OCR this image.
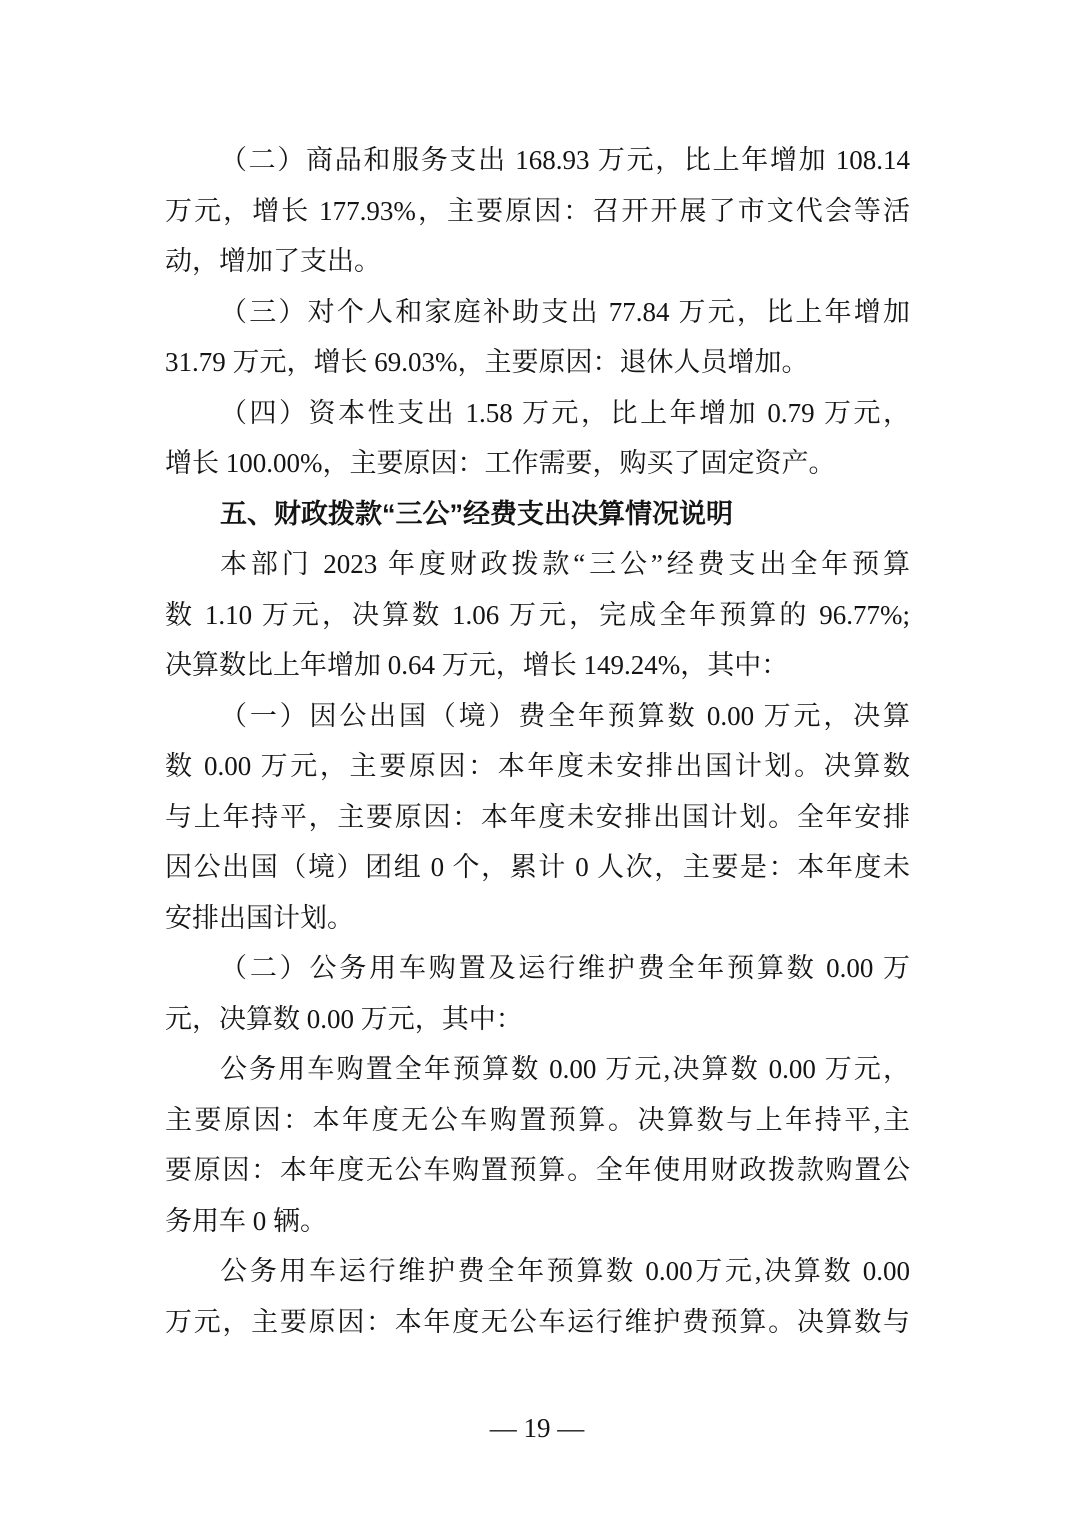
（二）商品和服务支出 168.93 万元，比上年增加 108.14
万元，增长 177.93%，主要原因：召开开展了市文代会等活
动，增加了支出。
（三）对个人和家庭补助支出 77.84 万元，比上年增加
31.79 万元，增长 69.03%，主要原因：退休人员增加。
（四）资本性支出 1.58 万元，比上年增加 0.79 万元，
增长 100.00%，主要原因：工作需要，购买了固定资产。
五、财政拨款“三公”经费支出决算情况说明
本部门 2023 年度财政拨款“三公”经费支出全年预算
数 1.10 万元，决算数 1.06 万元，完成全年预算的 96.77%;
决算数比上年增加 0.64 万元，增长 149.24%，其中：
（一）因公出国（境）费全年预算数 0.00 万元，决算
数 0.00 万元，主要原因：本年度未安排出国计划。决算数
与上年持平，主要原因：本年度未安排出国计划。全年安排
因公出国（境）团组 0 个，累计 0 人次，主要是：本年度未
安排出国计划。
（二）公务用车购置及运行维护费全年预算数 0.00 万
元，决算数 0.00 万元，其中：
公务用车购置全年预算数 0.00 万元,决算数 0.00 万元，
主要原因：本年度无公车购置预算。决算数与上年持平,主
要原因：本年度无公车购置预算。全年使用财政拨款购置公
务用车 0 辆。
公务用车运行维护费全年预算数 0.00万元,决算数 0.00
万元，主要原因：本年度无公车运行维护费预算。决算数与
— 19 —
